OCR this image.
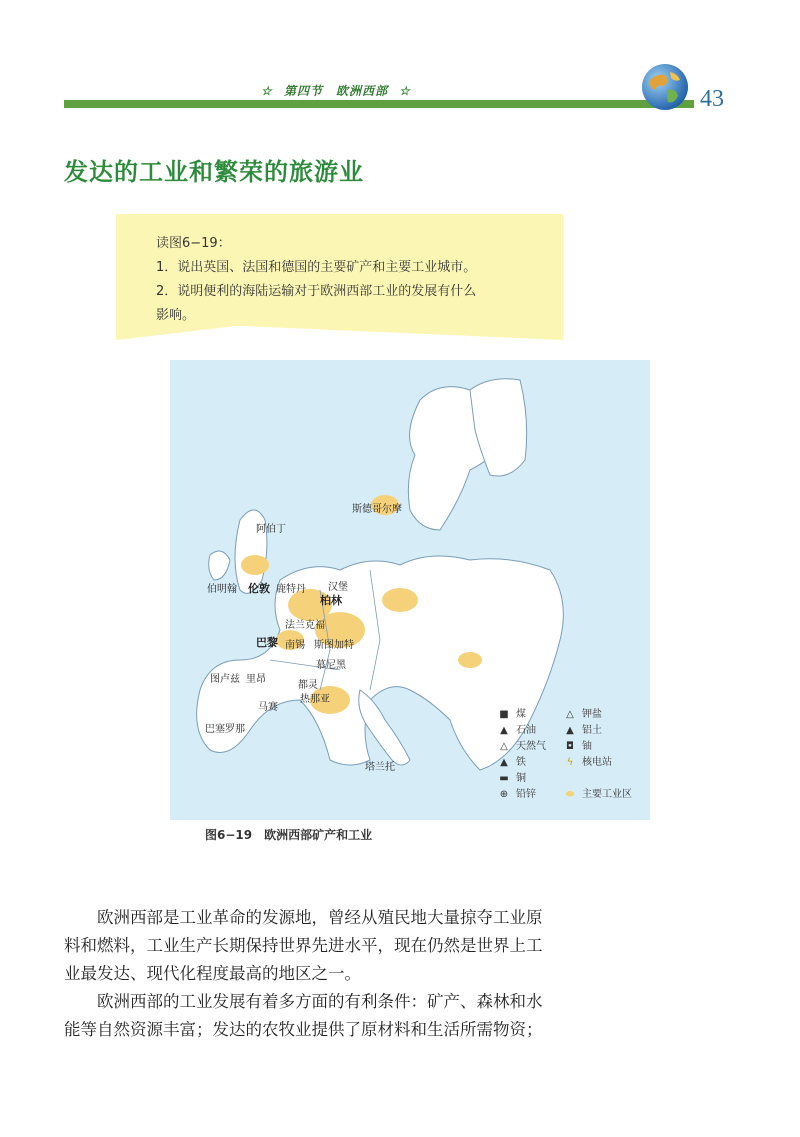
☆ 第四节　欧洲西部 ☆	43
发达的工业和繁荣的旅游业
读图6−19：
1．说出英国、法国和德国的主要矿产和主要工业城市。
2．说明便利的海陆运输对于欧洲西部工业的发展有什么
影响。
斯德哥尔摩
阿伯丁
伯明翰 伦敦 鹿特丹 汉堡
柏林
法兰克福
巴黎 南锡 斯图加特
慕尼黑
图卢兹 里昂
都灵
马赛
热那亚
巴塞罗那
塔兰托
■ 煤
▲ 石油
△ 天然气
▲ 铁
▬ 铜
⊕ 铅锌
△ 钾盐
▲ 铝土
◘ 铀
ϟ 核电站
⬬ 主要工业区
图6−19　欧洲西部矿产和工业
欧洲西部是工业革命的发源地，曾经从殖民地大量掠夺工业原
料和燃料，工业生产长期保持世界先进水平，现在仍然是世界上工
业最发达、现代化程度最高的地区之一。
欧洲西部的工业发展有着多方面的有利条件：矿产、森林和水
能等自然资源丰富；发达的农牧业提供了原材料和生活所需物资；
